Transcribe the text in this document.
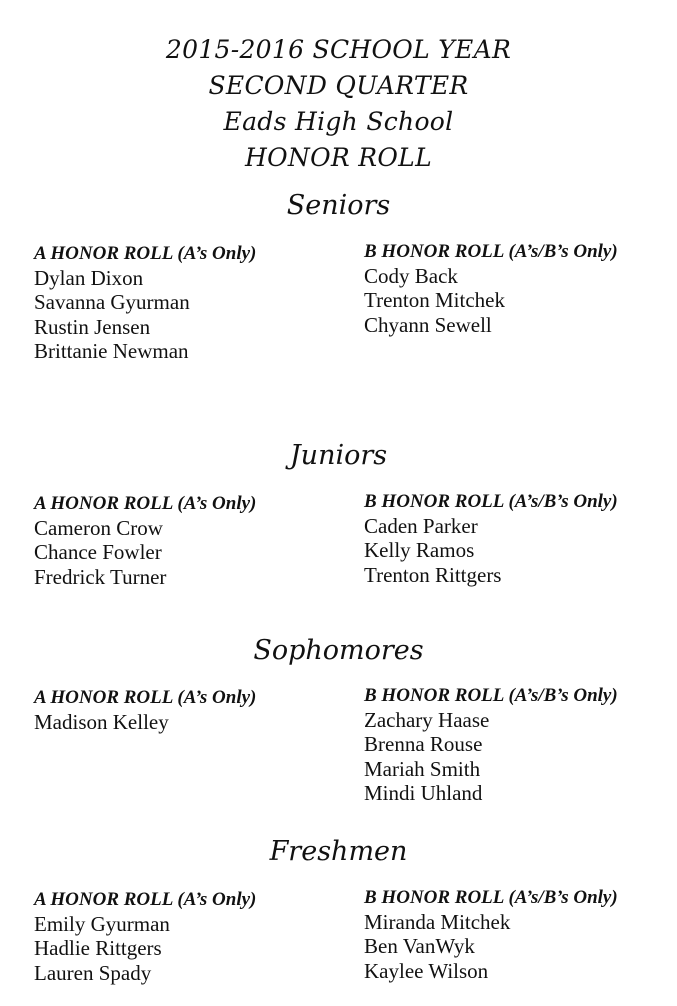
2015-2016 SCHOOL YEAR
SECOND QUARTER
Eads High School
HONOR ROLL
Seniors
A HONOR ROLL (A’s Only)
Dylan Dixon
Savanna Gyurman
Rustin Jensen
Brittanie Newman
B HONOR ROLL (A’s/B’s Only)
Cody Back
Trenton Mitchek
Chyann Sewell
Juniors
A HONOR ROLL (A’s Only)
Cameron Crow
Chance Fowler
Fredrick Turner
B HONOR ROLL (A’s/B’s Only)
Caden Parker
Kelly Ramos
Trenton Rittgers
Sophomores
A HONOR ROLL (A’s Only)
Madison Kelley
B HONOR ROLL (A’s/B’s Only)
Zachary Haase
Brenna Rouse
Mariah Smith
Mindi Uhland
Freshmen
A HONOR ROLL (A’s Only)
Emily Gyurman
Hadlie Rittgers
Lauren Spady
B HONOR ROLL (A’s/B’s Only)
Miranda Mitchek
Ben VanWyk
Kaylee Wilson
